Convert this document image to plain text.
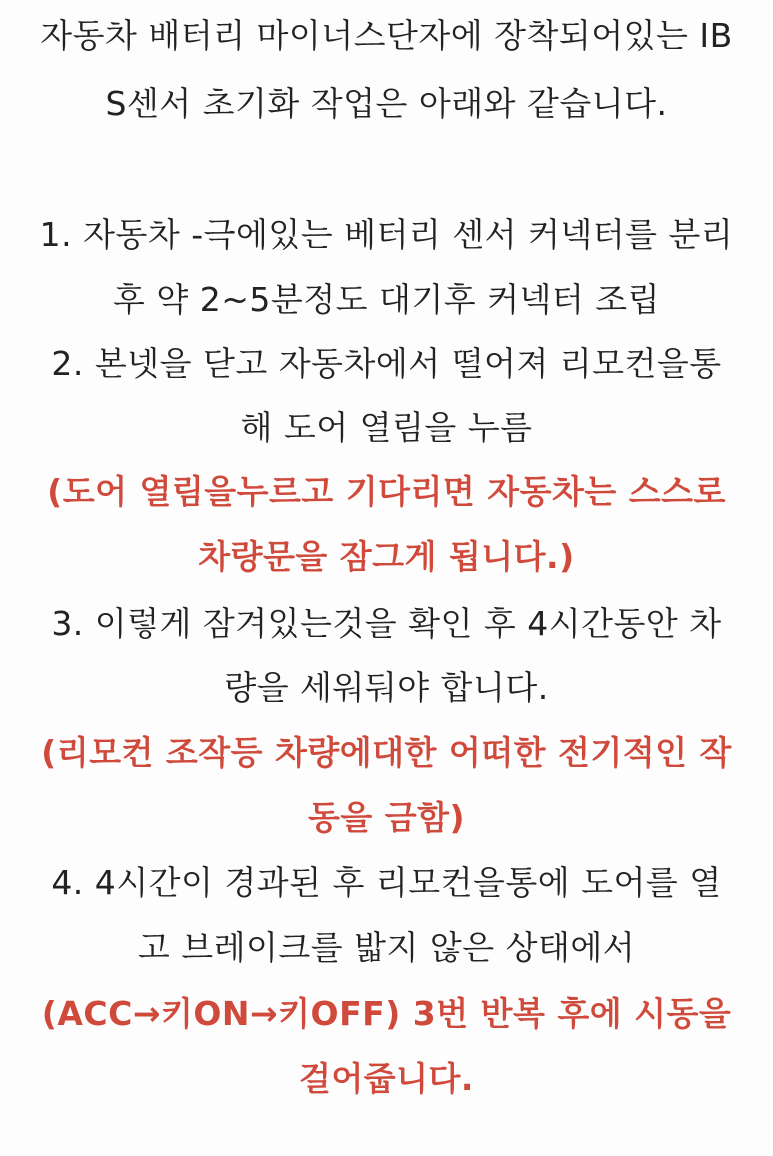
자동차 배터리 마이너스단자에 장착되어있는 IB
S센서 초기화 작업은 아래와 같습니다.
1. 자동차 -극에있는 베터리 센서 커넥터를 분리
후 약 2~5분정도 대기후 커넥터 조립
2. 본넷을 닫고 자동차에서 떨어져 리모컨을통
해 도어 열림을 누름
(도어 열림을누르고 기다리면 자동차는 스스로
차량문을 잠그게 됩니다.)
3. 이렇게 잠겨있는것을 확인 후 4시간동안 차
량을 세워둬야 합니다.
(리모컨 조작등 차량에대한 어떠한 전기적인 작
동을 금함)
4. 4시간이 경과된 후 리모컨을통에 도어를 열
고 브레이크를 밟지 않은 상태에서
(ACC→키ON→키OFF) 3번 반복 후에 시동을
걸어줍니다.
